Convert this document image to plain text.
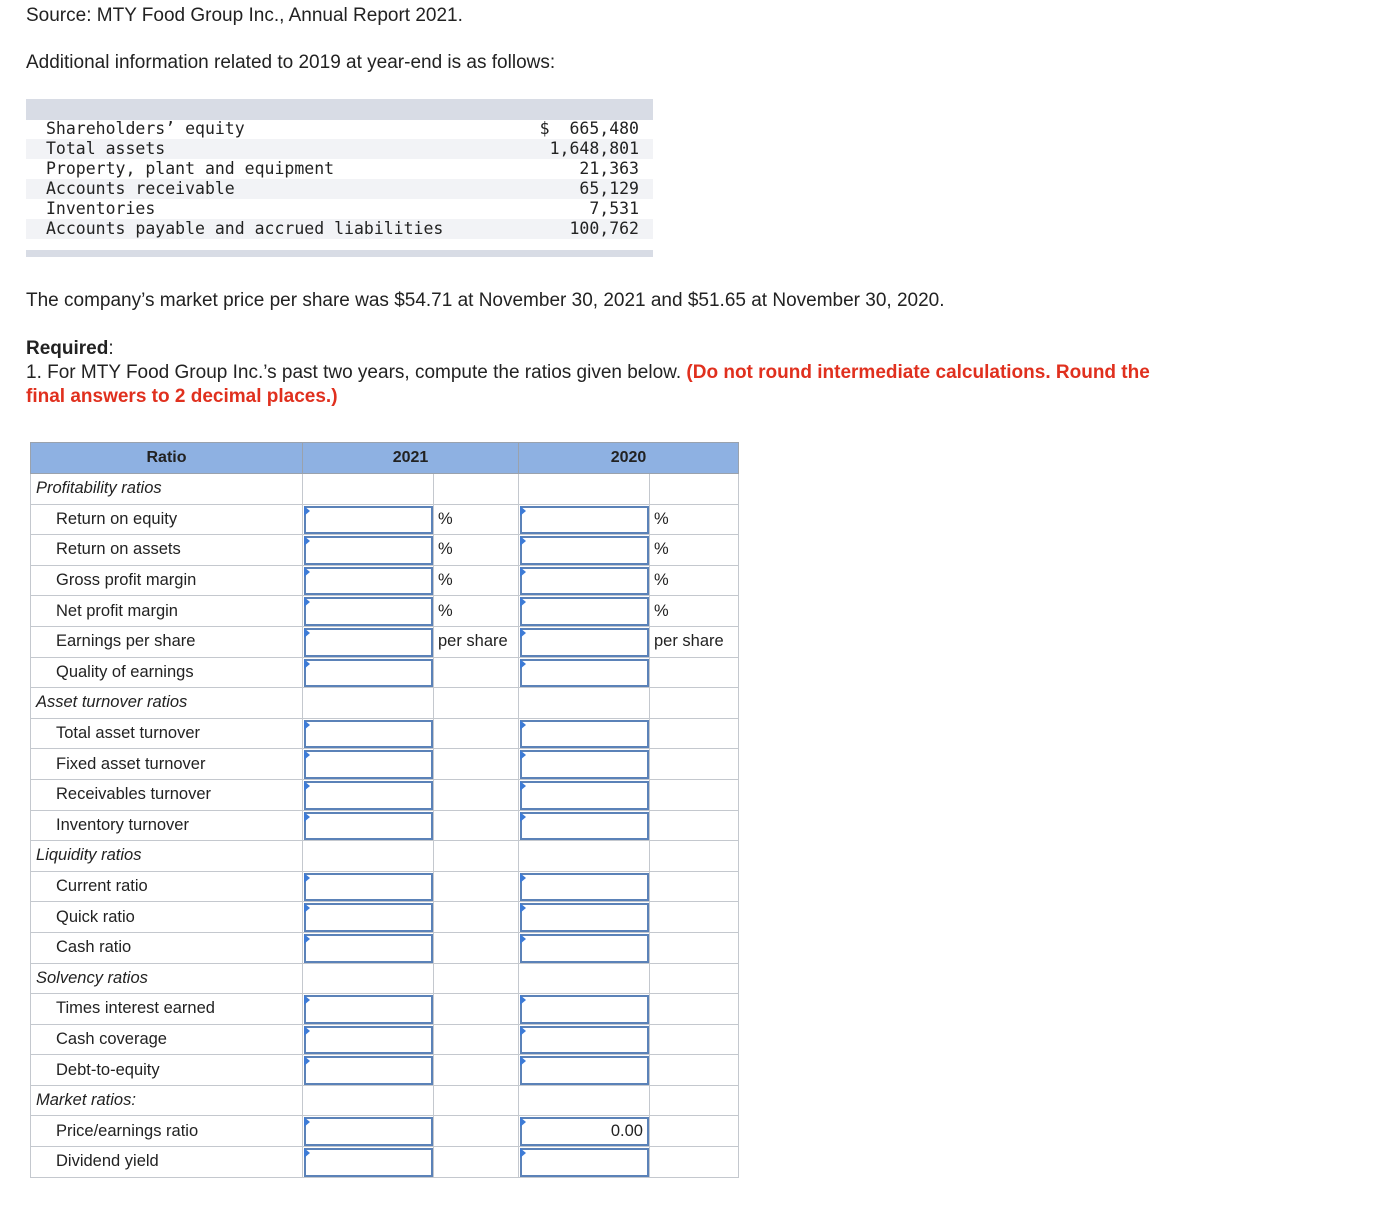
Source: MTY Food Group Inc., Annual Report 2021.
Additional information related to 2019 at year-end is as follows:
Shareholders’ equity	$  665,480
Total assets	1,648,801
Property, plant and equipment	21,363
Accounts receivable	65,129
Inventories	7,531
Accounts payable and accrued liabilities	100,762
The company’s market price per share was $54.71 at November 30, 2021 and $51.65 at November 30, 2020.
Required:
1. For MTY Food Group Inc.’s past two years, compute the ratios given below. (Do not round intermediate calculations. Round the
final answers to 2 decimal places.)
Ratio	2021		2020	
Profitability ratios				
Return on equity		%		%
Return on assets		%		%
Gross profit margin		%		%
Net profit margin		%		%
Earnings per share		per share		per share
Quality of earnings	

Asset turnover ratios				
Total asset turnover	

Fixed asset turnover	

Receivables turnover	

Inventory turnover	

Liquidity ratios				
Current ratio	

Quick ratio	

Cash ratio	

Solvency ratios				
Times interest earned	

Cash coverage	

Debt-to-equity	

Market ratios:				
Price/earnings ratio			0.00	

Dividend yield	
